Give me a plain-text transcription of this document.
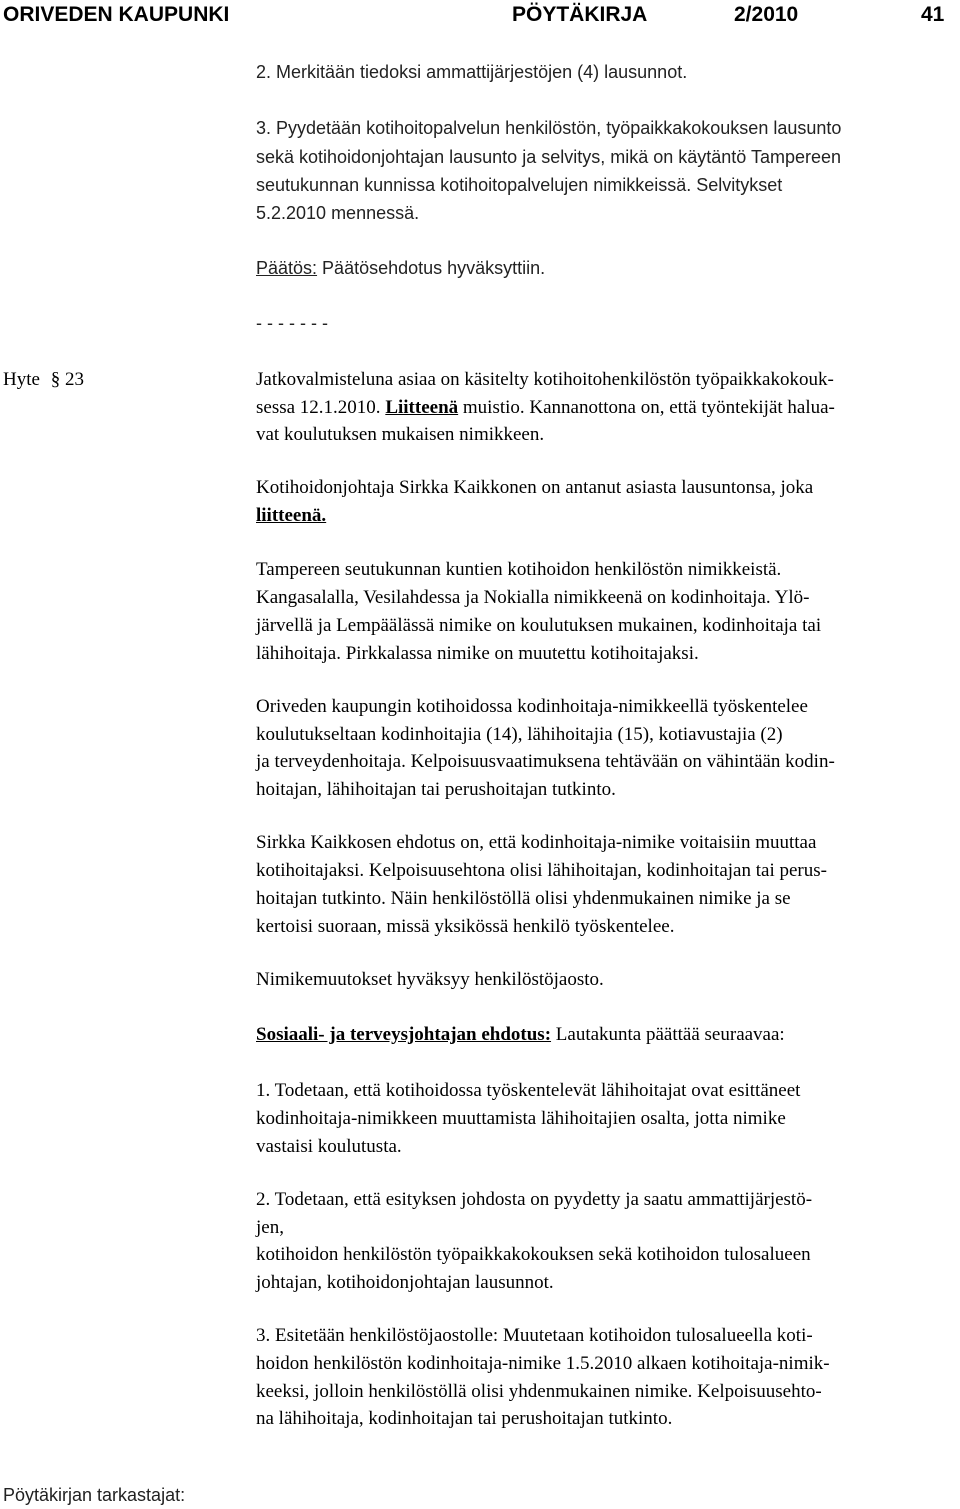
ORIVEDEN KAUPUNKI	PÖYTÄKIRJA	2/2010	41
2. Merkitään tiedoksi ammattijärjestöjen (4) lausunnot.
3. Pyydetään kotihoitopalvelun henkilöstön, työpaikkakokouksen lausunto
sekä kotihoidonjohtajan lausunto ja selvitys, mikä on käytäntö Tampereen
seutukunnan kunnissa kotihoitopalvelujen nimikkeissä. Selvitykset
5.2.2010 mennessä.
Päätös: Päätösehdotus hyväksyttiin.
- - - - - - -
Hyte § 23	Jatkovalmisteluna asiaa on käsitelty kotihoitohenkilöstön työpaikkakokouk-
sessa 12.1.2010. Liitteenä muistio. Kannanottona on, että työntekijät halua-
vat koulutuksen mukaisen nimikkeen.
Kotihoidonjohtaja Sirkka Kaikkonen on antanut asiasta lausuntonsa, joka
liitteenä.
Tampereen seutukunnan kuntien kotihoidon henkilöstön nimikkeistä.
Kangasalalla, Vesilahdessa ja Nokialla nimikkeenä on kodinhoitaja. Ylö-
järvellä ja Lempäälässä nimike on koulutuksen mukainen, kodinhoitaja tai
lähihoitaja. Pirkkalassa nimike on muutettu kotihoitajaksi.
Oriveden kaupungin kotihoidossa kodinhoitaja-nimikkeellä työskentelee
koulutukseltaan kodinhoitajia (14), lähihoitajia (15), kotiavustajia (2)
ja terveydenhoitaja. Kelpoisuusvaatimuksena tehtävään on vähintään kodin-
hoitajan, lähihoitajan tai perushoitajan tutkinto.
Sirkka Kaikkosen ehdotus on, että kodinhoitaja-nimike voitaisiin muuttaa
kotihoitajaksi. Kelpoisuusehtona olisi lähihoitajan, kodinhoitajan tai perus-
hoitajan tutkinto. Näin henkilöstöllä olisi yhdenmukainen nimike ja se
kertoisi suoraan, missä yksikössä henkilö työskentelee.
Nimikemuutokset hyväksyy henkilöstöjaosto.
Sosiaali- ja terveysjohtajan ehdotus: Lautakunta päättää seuraavaa:
1. Todetaan, että kotihoidossa työskentelevät lähihoitajat ovat esittäneet
kodinhoitaja-nimikkeen muuttamista lähihoitajien osalta, jotta nimike
vastaisi koulutusta.
2. Todetaan, että esityksen johdosta on pyydetty ja saatu ammattijärjestö-
jen,
kotihoidon henkilöstön työpaikkakokouksen sekä kotihoidon tulosalueen
johtajan, kotihoidonjohtajan lausunnot.
3. Esitetään henkilöstöjaostolle: Muutetaan kotihoidon tulosalueella koti-
hoidon henkilöstön kodinhoitaja-nimike 1.5.2010 alkaen kotihoitaja-nimik-
keeksi, jolloin henkilöstöllä olisi yhdenmukainen nimike. Kelpoisuusehto-
na lähihoitaja, kodinhoitajan tai perushoitajan tutkinto.
Pöytäkirjan tarkastajat:
